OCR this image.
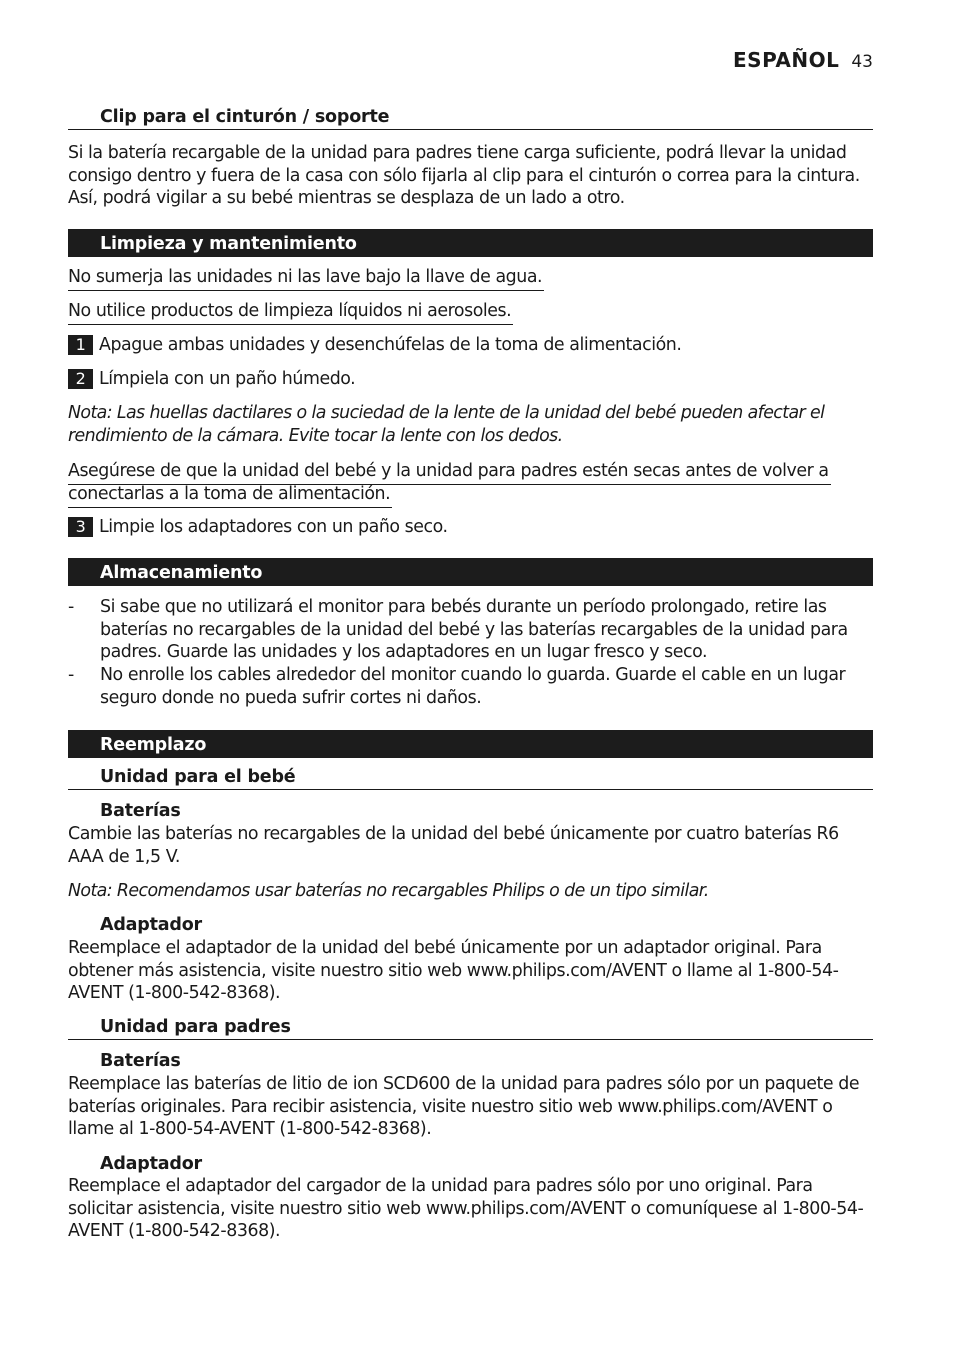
ESPAÑOL 43
Clip para el cinturón / soporte
Si la batería recargable de la unidad para padres tiene carga suficiente, podrá llevar la unidad consigo dentro y fuera de la casa con sólo fijarla al clip para el cinturón o correa para la cintura. Así, podrá vigilar a su bebé mientras se desplaza de un lado a otro.
Limpieza y mantenimiento
No sumerja las unidades ni las lave bajo la llave de agua.
No utilice productos de limpieza líquidos ni aerosoles.
1 Apague ambas unidades y desenchúfelas de la toma de alimentación.
2 Límpiela con un paño húmedo.
Nota: Las huellas dactilares o la suciedad de la lente de la unidad del bebé pueden afectar el rendimiento de la cámara. Evite tocar la lente con los dedos.
Asegúrese de que la unidad del bebé y la unidad para padres estén secas antes de volver a
conectarlas a la toma de alimentación.
3 Limpie los adaptadores con un paño seco.
Almacenamiento
-	Si sabe que no utilizará el monitor para bebés durante un período prolongado, retire las baterías no recargables de la unidad del bebé y las baterías recargables de la unidad para padres. Guarde las unidades y los adaptadores en un lugar fresco y seco.
-	No enrolle los cables alrededor del monitor cuando lo guarda. Guarde el cable en un lugar seguro donde no pueda sufrir cortes ni daños.
Reemplazo
Unidad para el bebé
Baterías
Cambie las baterías no recargables de la unidad del bebé únicamente por cuatro baterías R6 AAA de 1,5 V.
Nota: Recomendamos usar baterías no recargables Philips o de un tipo similar.
Adaptador
Reemplace el adaptador de la unidad del bebé únicamente por un adaptador original. Para obtener más asistencia, visite nuestro sitio web www.philips.com/AVENT o llame al 1-800-54-AVENT (1-800-542-8368).
Unidad para padres
Baterías
Reemplace las baterías de litio de ion SCD600 de la unidad para padres sólo por un paquete de baterías originales. Para recibir asistencia, visite nuestro sitio web www.philips.com/AVENT o llame al 1-800-54-AVENT (1-800-542-8368).
Adaptador
Reemplace el adaptador del cargador de la unidad para padres sólo por uno original. Para solicitar asistencia, visite nuestro sitio web www.philips.com/AVENT o comuníquese al 1-800-54-AVENT (1-800-542-8368).
